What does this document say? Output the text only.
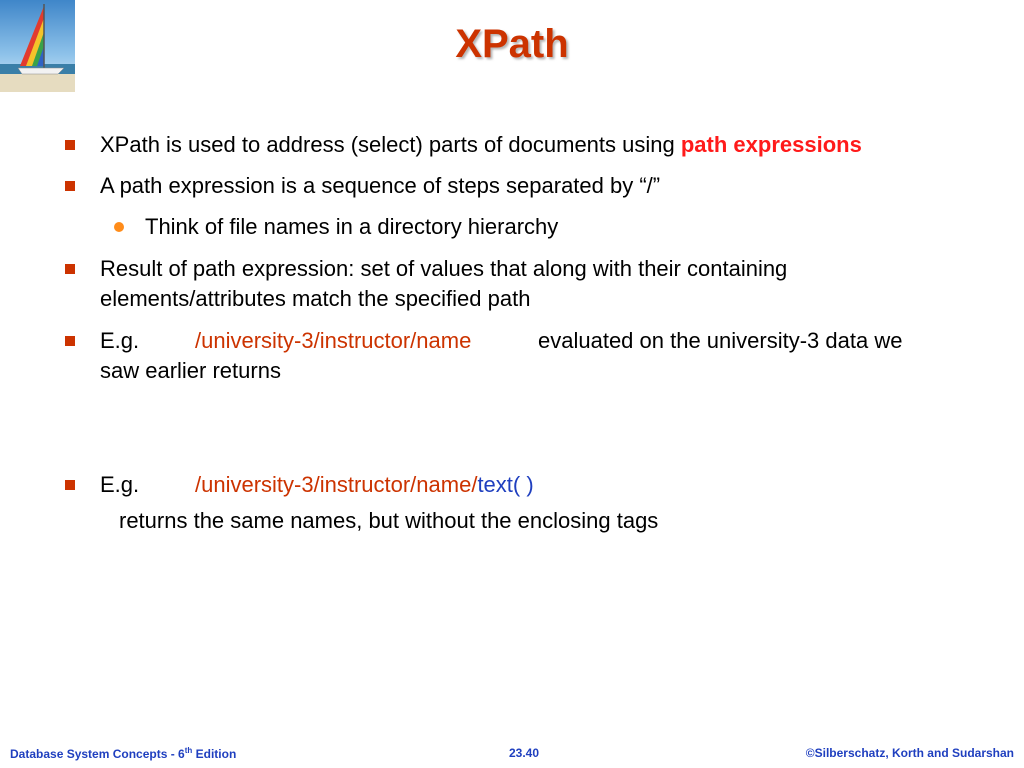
XPath
XPath is used to address (select) parts of documents using path expressions
A path expression is a sequence of steps separated by “/”
Think of file names in a directory hierarchy
Result of path expression: set of values that along with their containing
elements/attributes match the specified path
E.g.	/university-3/instructor/name	evaluated on the university-3 data we
saw earlier returns
E.g.	/university-3/instructor/name/text( )
returns the same names, but without the enclosing tags
Database System Concepts - 6th Edition	23.40	©Silberschatz, Korth and Sudarshan
